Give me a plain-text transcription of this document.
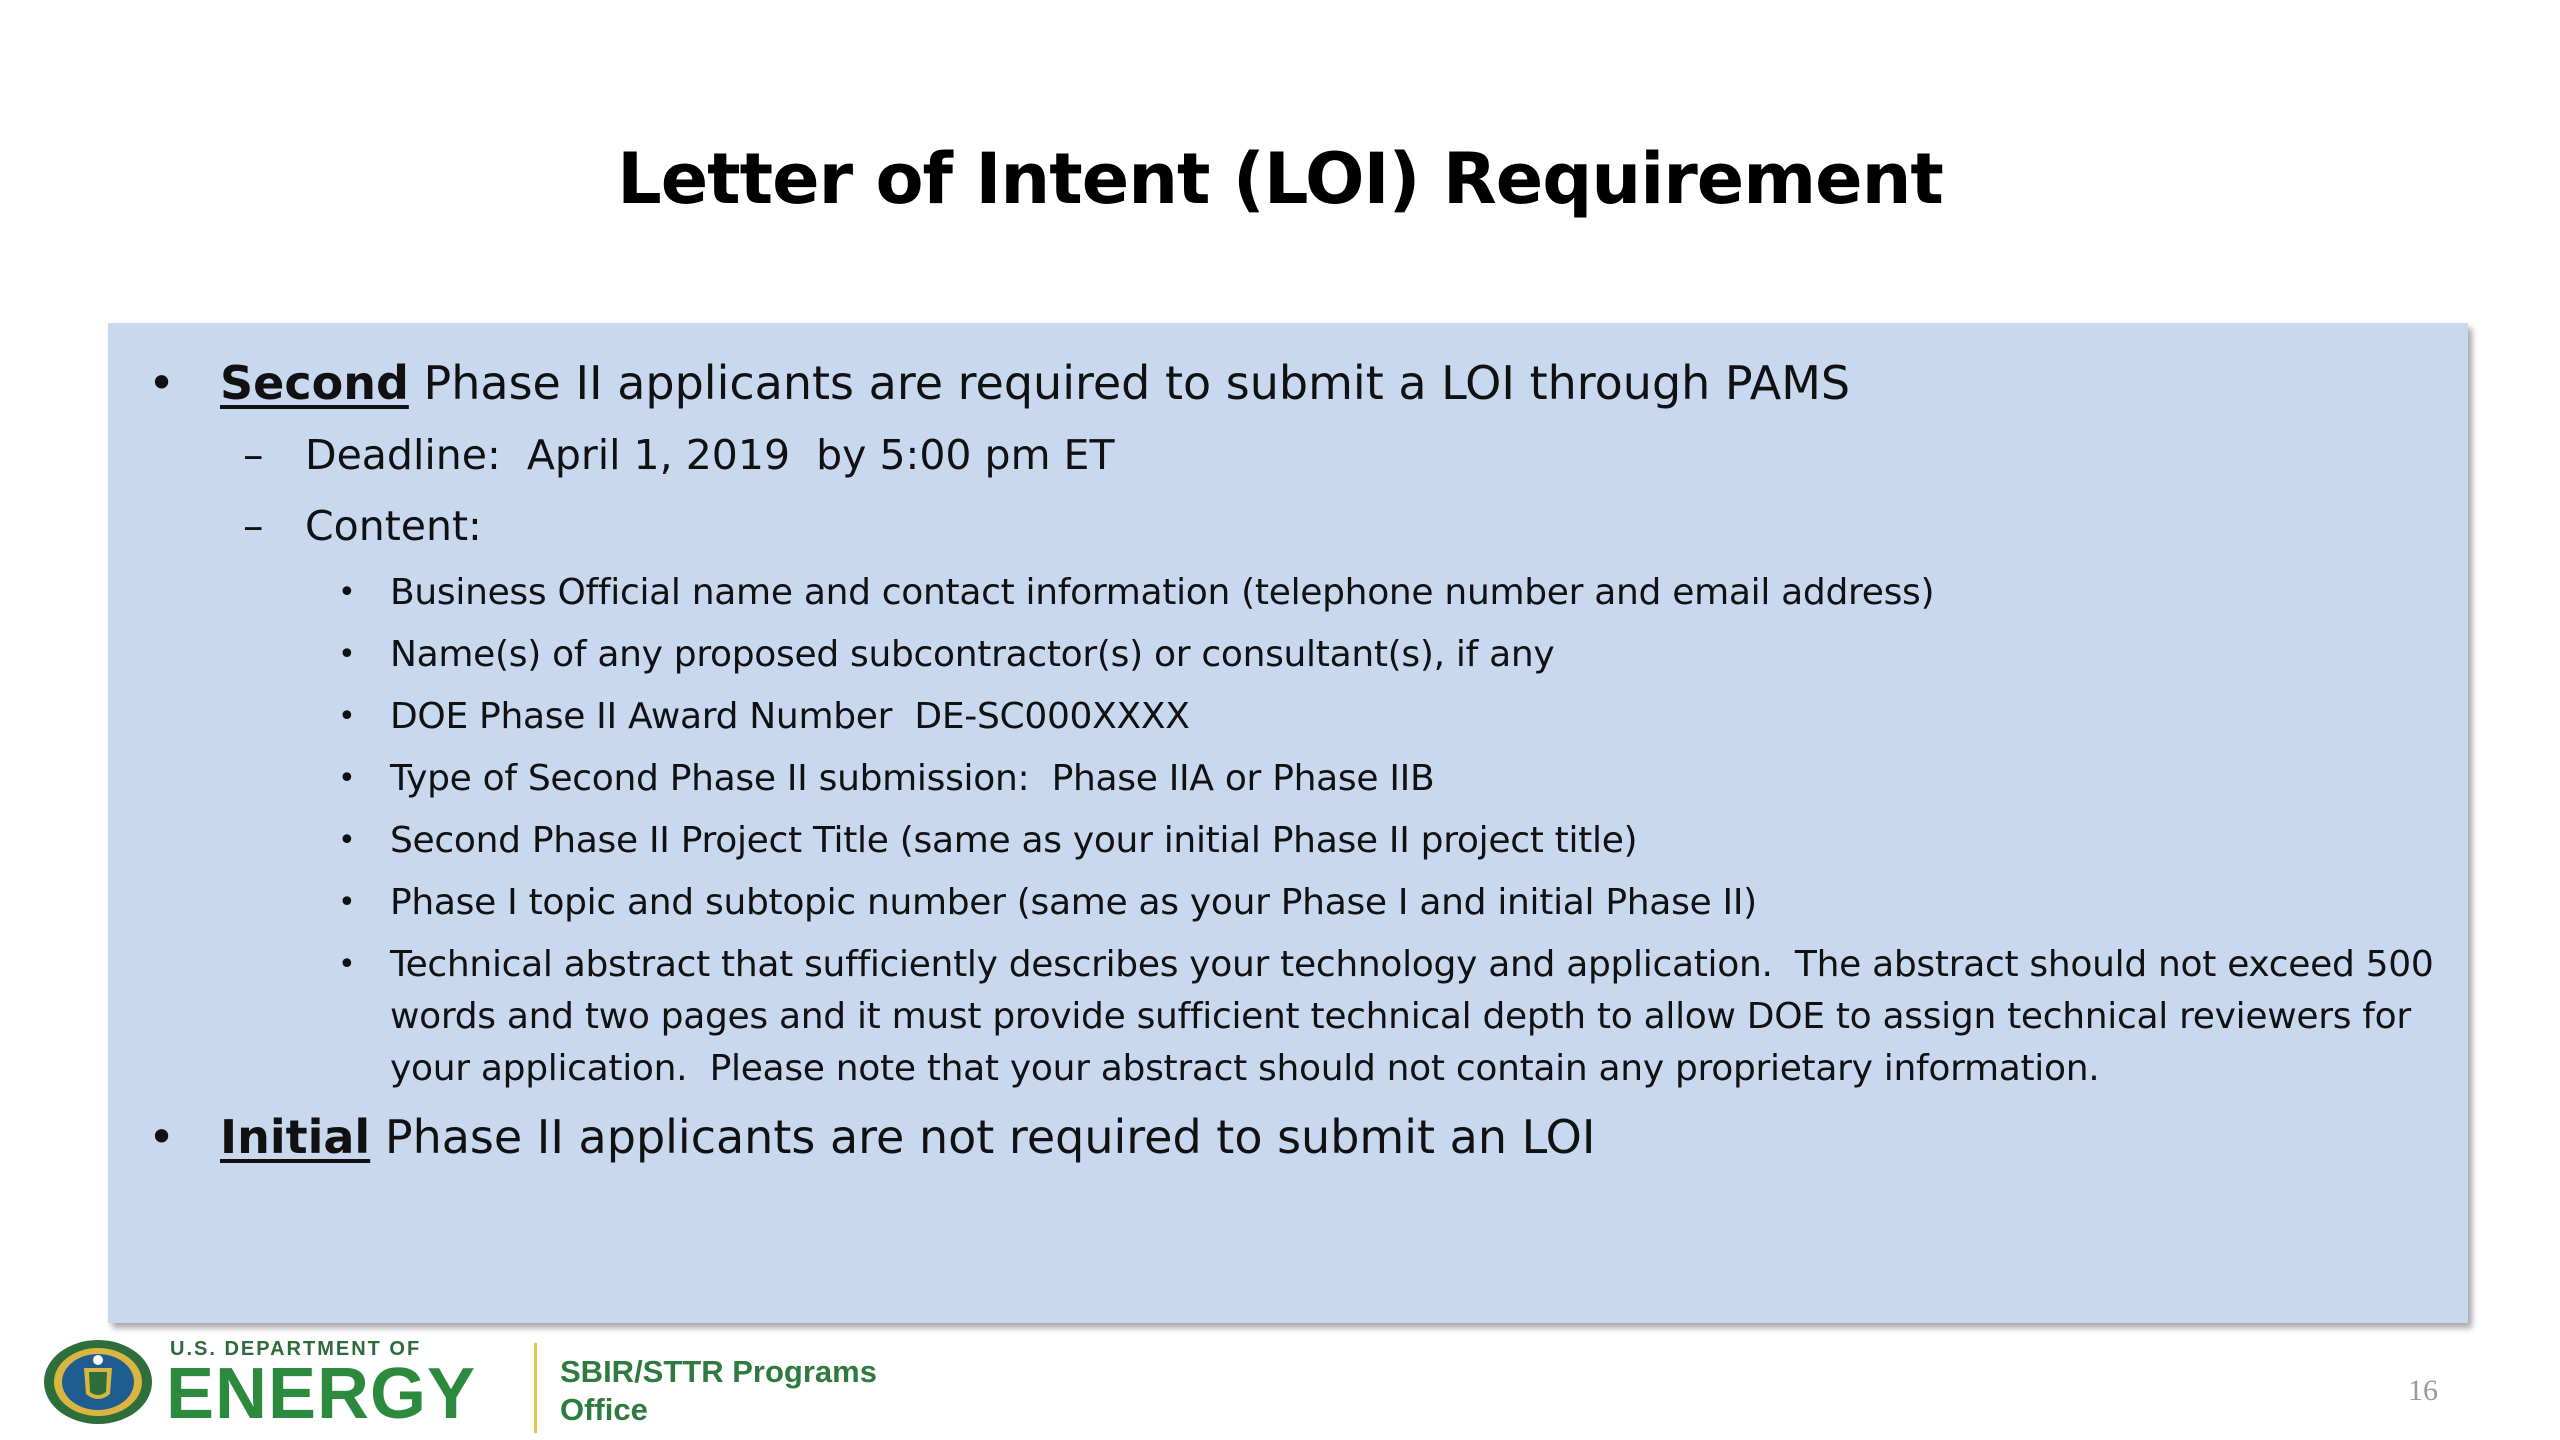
Letter of Intent (LOI) Requirement
• Second Phase II applicants are required to submit a LOI through PAMS
– Deadline:  April 1, 2019  by 5:00 pm ET
– Content:
• Business Official name and contact information (telephone number and email address)
• Name(s) of any proposed subcontractor(s) or consultant(s), if any
• DOE Phase II Award Number  DE-SC000XXXX
• Type of Second Phase II submission:  Phase IIA or Phase IIB
• Second Phase II Project Title (same as your initial Phase II project title)
• Phase I topic and subtopic number (same as your Phase I and initial Phase II)
• Technical abstract that sufficiently describes your technology and application.  The abstract should not exceed 500 words and two pages and it must provide sufficient technical depth to allow DOE to assign technical reviewers for your application.  Please note that your abstract should not contain any proprietary information.
• Initial Phase II applicants are not required to submit an LOI
U.S. DEPARTMENT OF
ENERGY	SBIR/STTR Programs
Office
16
